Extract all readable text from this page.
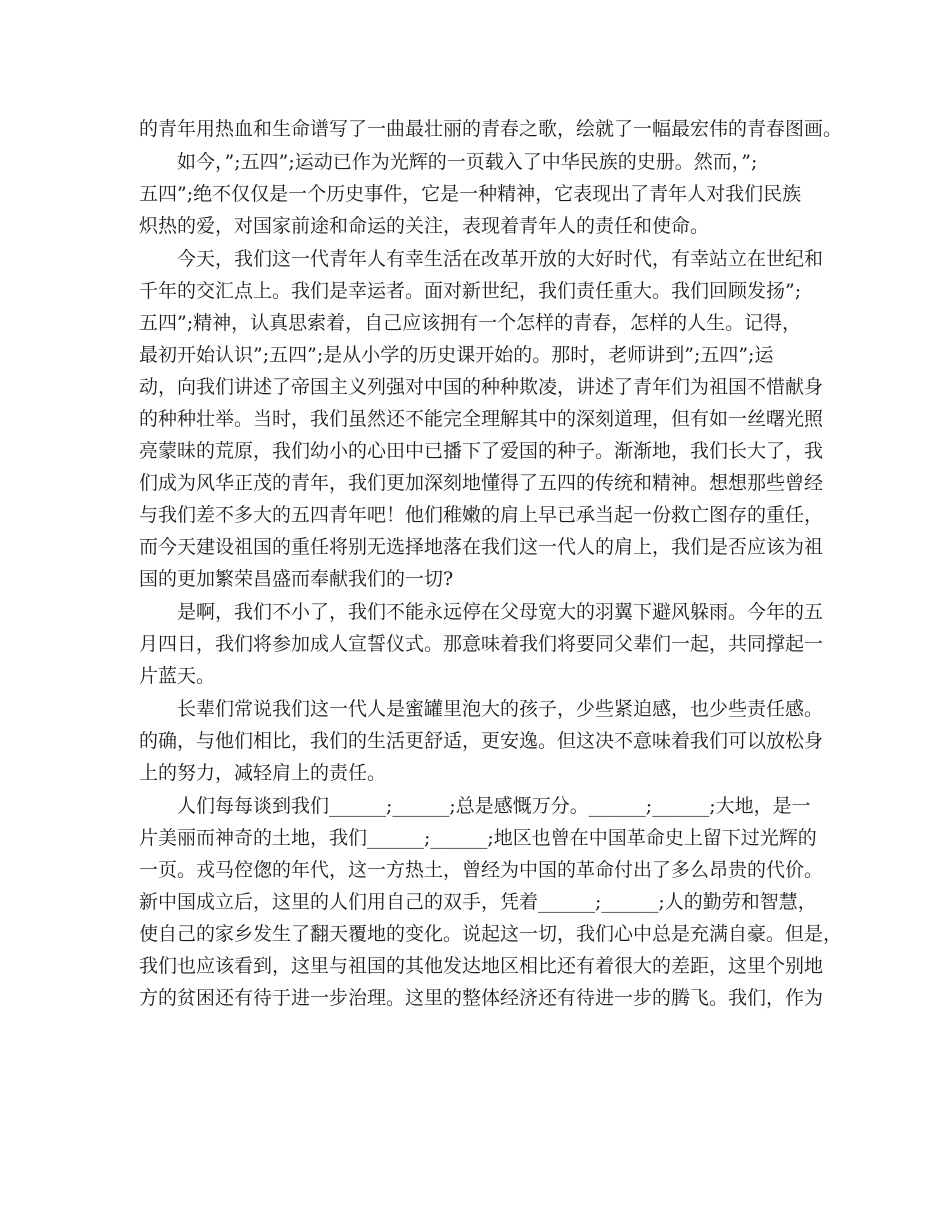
的青年用热血和生命谱写了一曲最壮丽的青春之歌，绘就了一幅最宏伟的青春图画。
如今，”;五四”;运动已作为光辉的一页载入了中华民族的史册。然而，”;
五四”;绝不仅仅是一个历史事件，它是一种精神，它表现出了青年人对我们民族
炽热的爱，对国家前途和命运的关注，表现着青年人的责任和使命。
今天，我们这一代青年人有幸生活在改革开放的大好时代，有幸站立在世纪和
千年的交汇点上。我们是幸运者。面对新世纪，我们责任重大。我们回顾发扬”;
五四”;精神，认真思索着，自己应该拥有一个怎样的青春，怎样的人生。记得，
最初开始认识”;五四”;是从小学的历史课开始的。那时，老师讲到”;五四”;运
动，向我们讲述了帝国主义列强对中国的种种欺凌，讲述了青年们为祖国不惜献身
的种种壮举。当时，我们虽然还不能完全理解其中的深刻道理，但有如一丝曙光照
亮蒙昧的荒原，我们幼小的心田中已播下了爱国的种子。渐渐地，我们长大了，我
们成为风华正茂的青年，我们更加深刻地懂得了五四的传统和精神。想想那些曾经
与我们差不多大的五四青年吧！他们稚嫩的肩上早已承当起一份救亡图存的重任，
而今天建设祖国的重任将别无选择地落在我们这一代人的肩上，我们是否应该为祖
国的更加繁荣昌盛而奉献我们的一切?
是啊，我们不小了，我们不能永远停在父母宽大的羽翼下避风躲雨。今年的五
月四日，我们将参加成人宣誓仪式。那意味着我们将要同父辈们一起，共同撑起一
片蓝天。
长辈们常说我们这一代人是蜜罐里泡大的孩子，少些紧迫感，也少些责任感。
的确，与他们相比，我们的生活更舒适，更安逸。但这决不意味着我们可以放松身
上的努力，减轻肩上的责任。
人们每每谈到我们______;______;总是感慨万分。______;______;大地，是一
片美丽而神奇的土地，我们______;______;地区也曾在中国革命史上留下过光辉的
一页。戎马倥偬的年代，这一方热土，曾经为中国的革命付出了多么昂贵的代价。
新中国成立后，这里的人们用自己的双手，凭着______;______;人的勤劳和智慧，
使自己的家乡发生了翻天覆地的变化。说起这一切，我们心中总是充满自豪。但是，
我们也应该看到，这里与祖国的其他发达地区相比还有着很大的差距，这里个别地
方的贫困还有待于进一步治理。这里的整体经济还有待进一步的腾飞。我们，作为
